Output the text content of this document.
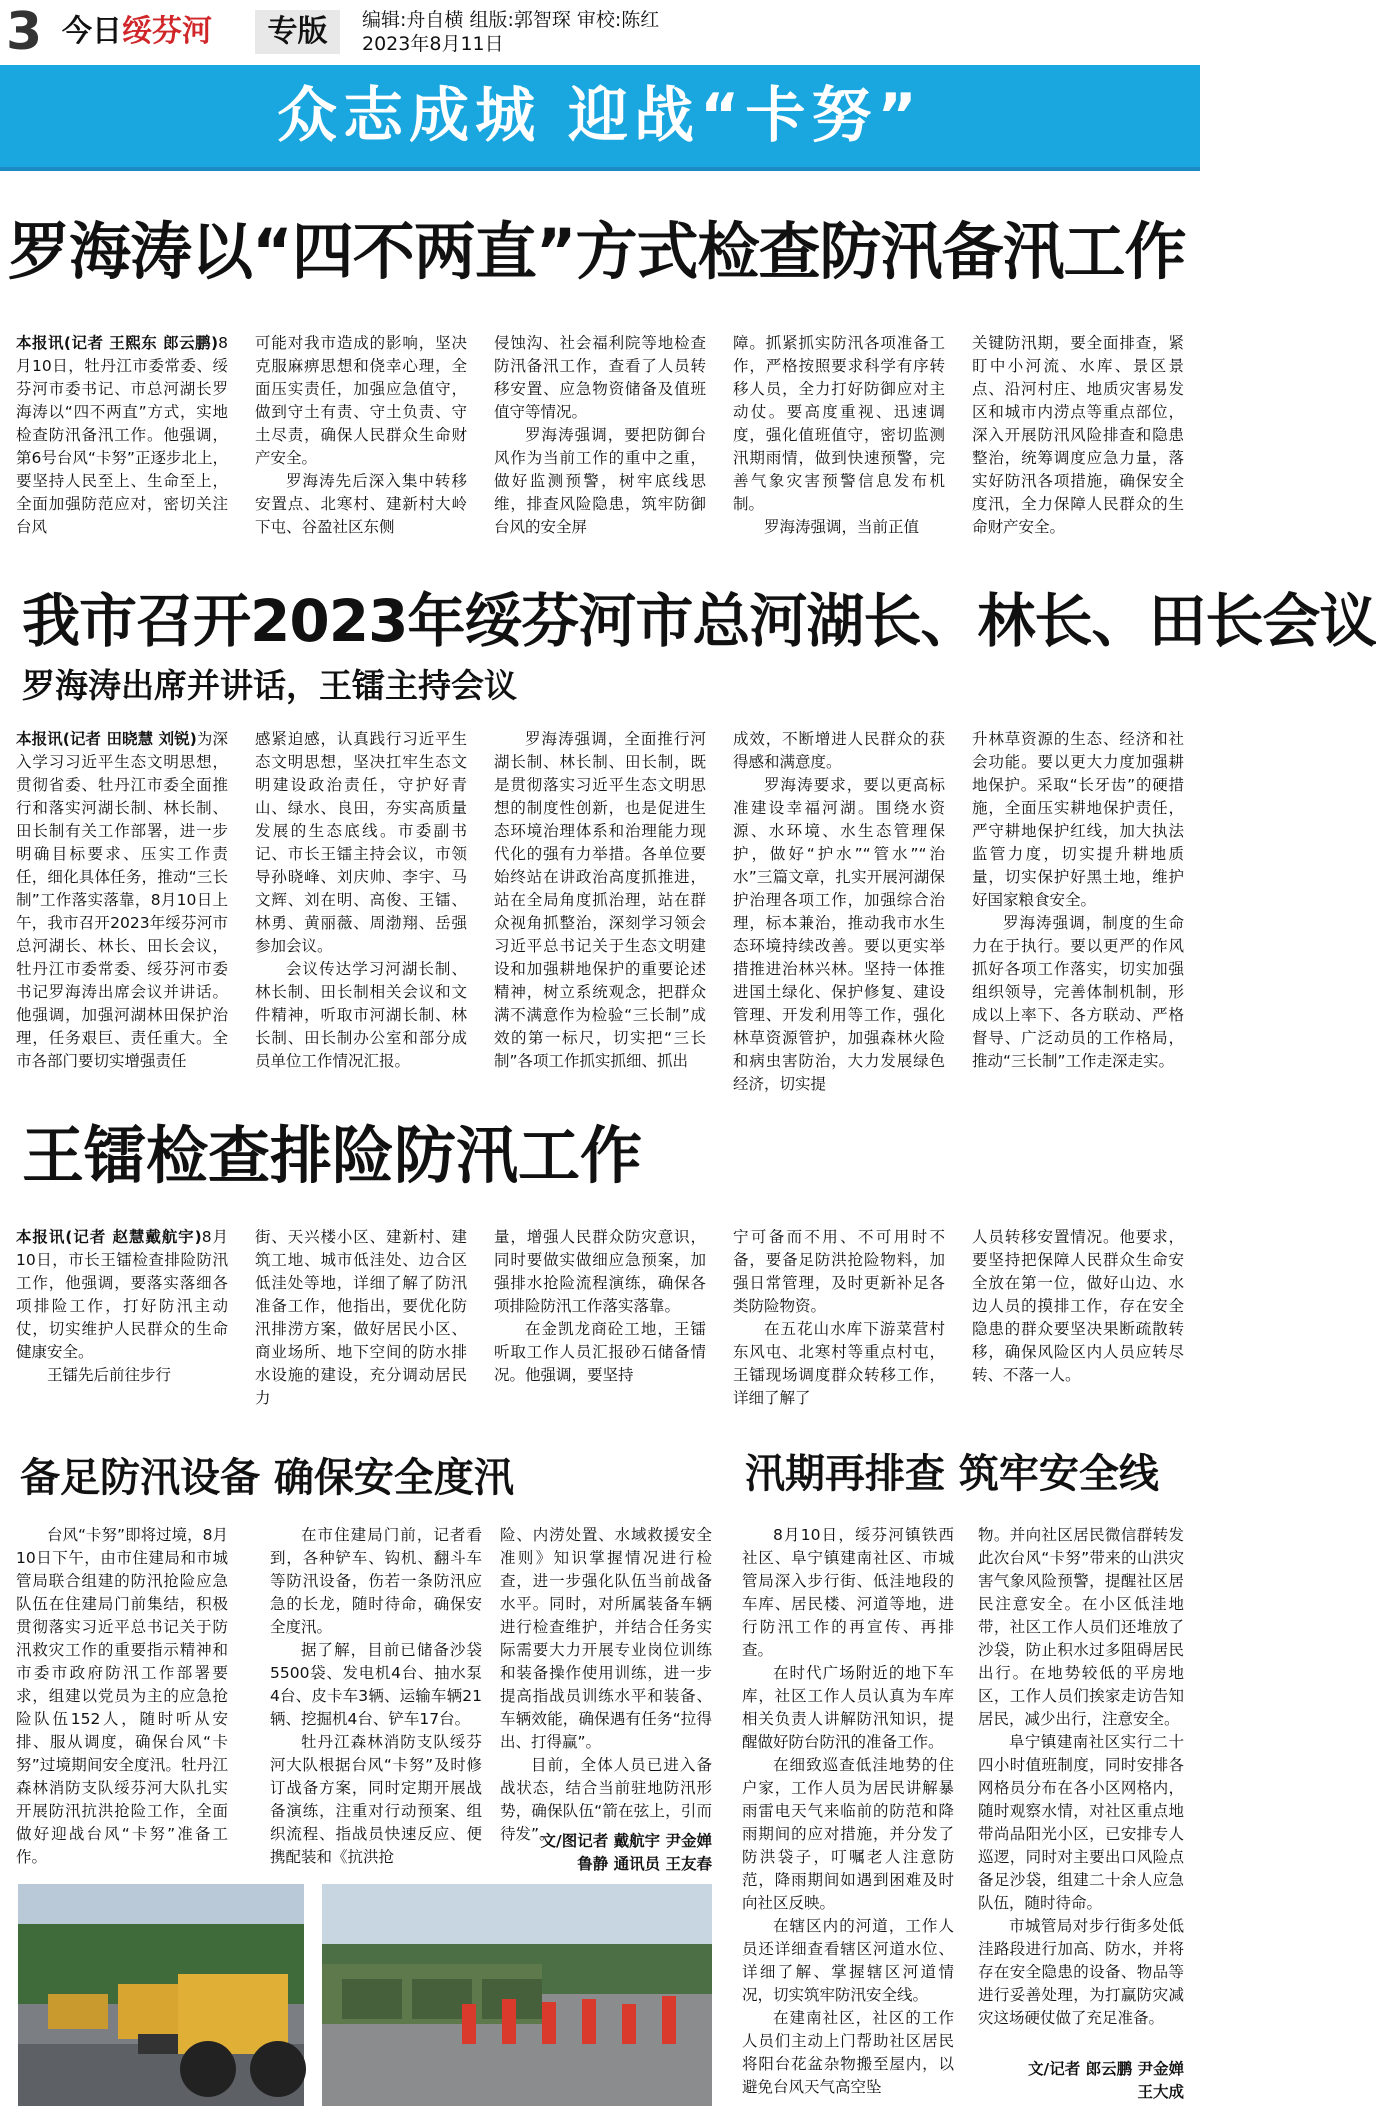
3 今日绥芬河	专版	编辑:舟自横 组版:郭智琛 审校:陈红
2023年8月11日
众志成城 迎战“卡努”
罗海涛以“四不两直”方式检查防汛备汛工作

本报讯(记者 王熙东 郎云鹏)8月10日，牡丹江市委常委、绥芬河市委书记、市总河湖长罗海涛以“四不两直”方式，实地检查防汛备汛工作。他强调，第6号台风“卡努”正逐步北上，要坚持人民至上、生命至上，全面加强防范应对，密切关注台风

可能对我市造成的影响，坚决克服麻痹思想和侥幸心理，全面压实责任，加强应急值守，做到守土有责、守土负责、守土尽责，确保人民群众生命财产安全。

罗海涛先后深入集中转移安置点、北寒村、建新村大岭下屯、谷盈社区东侧

侵蚀沟、社会福利院等地检查防汛备汛工作，查看了人员转移安置、应急物资储备及值班值守等情况。

罗海涛强调，要把防御台风作为当前工作的重中之重，做好监测预警，树牢底线思维，排查风险隐患，筑牢防御台风的安全屏

障。抓紧抓实防汛各项准备工作，严格按照要求科学有序转移人员，全力打好防御应对主动仗。要高度重视、迅速调度，强化值班值守，密切监测汛期雨情，做到快速预警，完善气象灾害预警信息发布机制。

罗海涛强调，当前正值

关键防汛期，要全面排查，紧盯中小河流、水库、景区景点、沿河村庄、地质灾害易发区和城市内涝点等重点部位，深入开展防汛风险排查和隐患整治，统筹调度应急力量，落实好防汛各项措施，确保安全度汛，全力保障人民群众的生命财产安全。

我市召开2023年绥芬河市总河湖长、林长、田长会议
罗海涛出席并讲话，王镭主持会议

本报讯(记者 田晓慧 刘锐)为深入学习习近平生态文明思想，贯彻省委、牡丹江市委全面推行和落实河湖长制、林长制、田长制有关工作部署，进一步明确目标要求、压实工作责任，细化具体任务，推动“三长制”工作落实落靠，8月10日上午，我市召开2023年绥芬河市总河湖长、林长、田长会议，牡丹江市委常委、绥芬河市委书记罗海涛出席会议并讲话。他强调，加强河湖林田保护治理，任务艰巨、责任重大。全市各部门要切实增强责任

感紧迫感，认真践行习近平生态文明思想，坚决扛牢生态文明建设政治责任，守护好青山、绿水、良田，夯实高质量发展的生态底线。市委副书记、市长王镭主持会议，市领导孙晓峰、刘庆帅、李宇、马文辉、刘在明、高俊、王镭、林勇、黄丽薇、周渤翔、岳强参加会议。

会议传达学习河湖长制、林长制、田长制相关会议和文件精神，听取市河湖长制、林长制、田长制办公室和部分成员单位工作情况汇报。

罗海涛强调，全面推行河湖长制、林长制、田长制，既是贯彻落实习近平生态文明思想的制度性创新，也是促进生态环境治理体系和治理能力现代化的强有力举措。各单位要始终站在讲政治高度抓推进，站在全局角度抓治理，站在群众视角抓整治，深刻学习领会习近平总书记关于生态文明建设和加强耕地保护的重要论述精神，树立系统观念，把群众满不满意作为检验“三长制”成效的第一标尺，切实把“三长制”各项工作抓实抓细、抓出

成效，不断增进人民群众的获得感和满意度。

罗海涛要求，要以更高标准建设幸福河湖。围绕水资源、水环境、水生态管理保护，做好“护水”“管水”“治水”三篇文章，扎实开展河湖保护治理各项工作，加强综合治理，标本兼治，推动我市水生态环境持续改善。要以更实举措推进治林兴林。坚持一体推进国土绿化、保护修复、建设管理、开发利用等工作，强化林草资源管护，加强森林火险和病虫害防治，大力发展绿色经济，切实提

升林草资源的生态、经济和社会功能。要以更大力度加强耕地保护。采取“长牙齿”的硬措施，全面压实耕地保护责任，严守耕地保护红线，加大执法监管力度，切实提升耕地质量，切实保护好黑土地，维护好国家粮食安全。

罗海涛强调，制度的生命力在于执行。要以更严的作风抓好各项工作落实，切实加强组织领导，完善体制机制，形成以上率下、各方联动、严格督导、广泛动员的工作格局，推动“三长制”工作走深走实。

王镭检查排险防汛工作

本报讯(记者 赵慧戴航宇)8月10日，市长王镭检查排险防汛工作，他强调，要落实落细各项排险工作，打好防汛主动仗，切实维护人民群众的生命健康安全。

王镭先后前往步行

街、天兴楼小区、建新村、建筑工地、城市低洼处、边合区低洼处等地，详细了解了防汛准备工作，他指出，要优化防汛排涝方案，做好居民小区、商业场所、地下空间的防水排水设施的建设，充分调动居民力

量，增强人民群众防灾意识，同时要做实做细应急预案，加强排水抢险流程演练，确保各项排险防汛工作落实落靠。

在金凯龙商砼工地，王镭听取工作人员汇报砂石储备情况。他强调，要坚持

宁可备而不用、不可用时不备，要备足防洪抢险物料，加强日常管理，及时更新补足各类防险物资。

在五花山水库下游菜营村东风屯、北寒村等重点村屯，王镭现场调度群众转移工作，详细了解了

人员转移安置情况。他要求，要坚持把保障人民群众生命安全放在第一位，做好山边、水边人员的摸排工作，存在安全隐患的群众要坚决果断疏散转移，确保风险区内人员应转尽转、不落一人。

备足防汛设备 确保安全度汛

台风“卡努”即将过境，8月10日下午，由市住建局和市城管局联合组建的防汛抢险应急队伍在住建局门前集结，积极贯彻落实习近平总书记关于防汛救灾工作的重要指示精神和市委市政府防汛工作部署要求，组建以党员为主的应急抢险队伍152人，随时听从安排、服从调度，确保台风“卡努”过境期间安全度汛。牡丹江森林消防支队绥芬河大队扎实开展防汛抗洪抢险工作，全面做好迎战台风“卡努”准备工作。

在市住建局门前，记者看到，各种铲车、钩机、翻斗车等防汛设备，伤若一条防汛应急的长龙，随时待命，确保安全度汛。

据了解，目前已储备沙袋5500袋、发电机4台、抽水泵4台、皮卡车3辆、运输车辆21辆、挖掘机4台、铲车17台。

牡丹江森林消防支队绥芬河大队根据台风“卡努”及时修订战备方案，同时定期开展战备演练，注重对行动预案、组织流程、指战员快速反应、便携配装和《抗洪抢

险、内涝处置、水域救援安全准则》知识掌握情况进行检查，进一步强化队伍当前战备水平。同时，对所属装备车辆进行检查维护，并结合任务实际需要大力开展专业岗位训练和装备操作使用训练，进一步提高指战员训练水平和装备、车辆效能，确保遇有任务“拉得出、打得赢”。

目前，全体人员已进入备战状态，结合当前驻地防汛形势，确保队伍“箭在弦上，引而待发”。

文/图记者 戴航宇 尹金婵
鲁静 通讯员 王友春
汛期再排查 筑牢安全线

8月10日，绥芬河镇铁西社区、阜宁镇建南社区、市城管局深入步行街、低洼地段的车库、居民楼、河道等地，进行防汛工作的再宣传、再排查。

在时代广场附近的地下车库，社区工作人员认真为车库相关负责人讲解防汛知识，提醒做好防台防汛的准备工作。

在细致巡查低洼地势的住户家，工作人员为居民讲解暴雨雷电天气来临前的防范和降雨期间的应对措施，并分发了防洪袋子，叮嘱老人注意防范，降雨期间如遇到困难及时向社区反映。

在辖区内的河道，工作人员还详细查看辖区河道水位、详细了解、掌握辖区河道情况，切实筑牢防汛安全线。

在建南社区，社区的工作人员们主动上门帮助社区居民将阳台花盆杂物搬至屋内，以避免台风天气高空坠

物。并向社区居民微信群转发此次台风“卡努”带来的山洪灾害气象风险预警，提醒社区居民注意安全。在小区低洼地带，社区工作人员们还堆放了沙袋，防止积水过多阻碍居民出行。在地势较低的平房地区，工作人员们挨家走访告知居民，减少出行，注意安全。

阜宁镇建南社区实行二十四小时值班制度，同时安排各网格员分布在各小区网格内，随时观察水情，对社区重点地带尚品阳光小区，已安排专人巡逻，同时对主要出口风险点备足沙袋，组建二十余人应急队伍，随时待命。

市城管局对步行街多处低洼路段进行加高、防水，并将存在安全隐患的设备、物品等进行妥善处理，为打赢防灾减灾这场硬仗做了充足准备。

文/记者 郎云鹏 尹金婵
王大成
